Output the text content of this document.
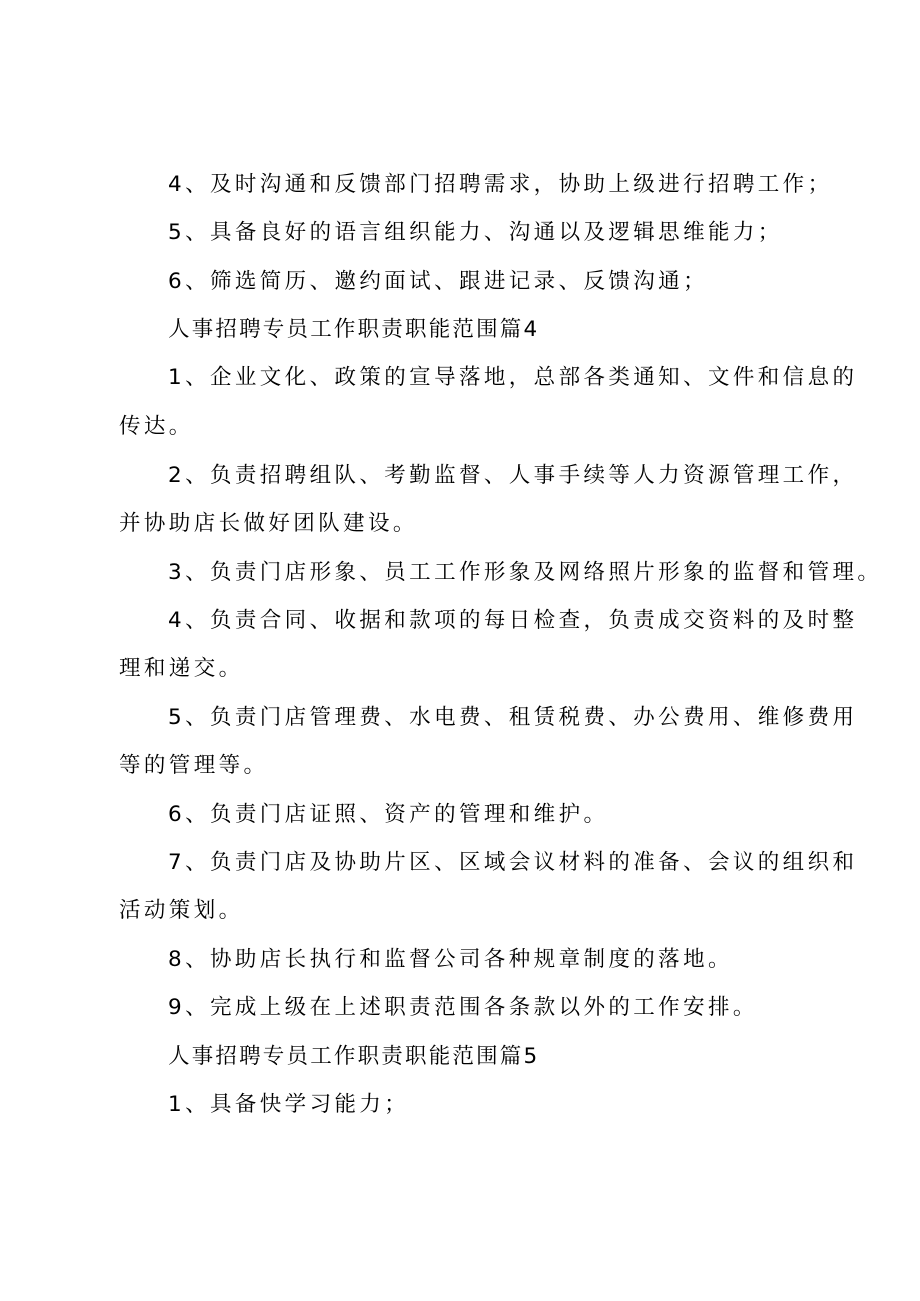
4、及时沟通和反馈部门招聘需求，协助上级进行招聘工作；
5、具备良好的语言组织能力、沟通以及逻辑思维能力；
6、筛选简历、邀约面试、跟进记录、反馈沟通；
人事招聘专员工作职责职能范围篇4
1、企业文化、政策的宣导落地，总部各类通知、文件和信息的
传达。
2、负责招聘组队、考勤监督、人事手续等人力资源管理工作，
并协助店长做好团队建设。
3、负责门店形象、员工工作形象及网络照片形象的监督和管理。
4、负责合同、收据和款项的每日检查，负责成交资料的及时整
理和递交。
5、负责门店管理费、水电费、租赁税费、办公费用、维修费用
等的管理等。
6、负责门店证照、资产的管理和维护。
7、负责门店及协助片区、区域会议材料的准备、会议的组织和
活动策划。
8、协助店长执行和监督公司各种规章制度的落地。
9、完成上级在上述职责范围各条款以外的工作安排。
人事招聘专员工作职责职能范围篇5
1、具备快学习能力；
